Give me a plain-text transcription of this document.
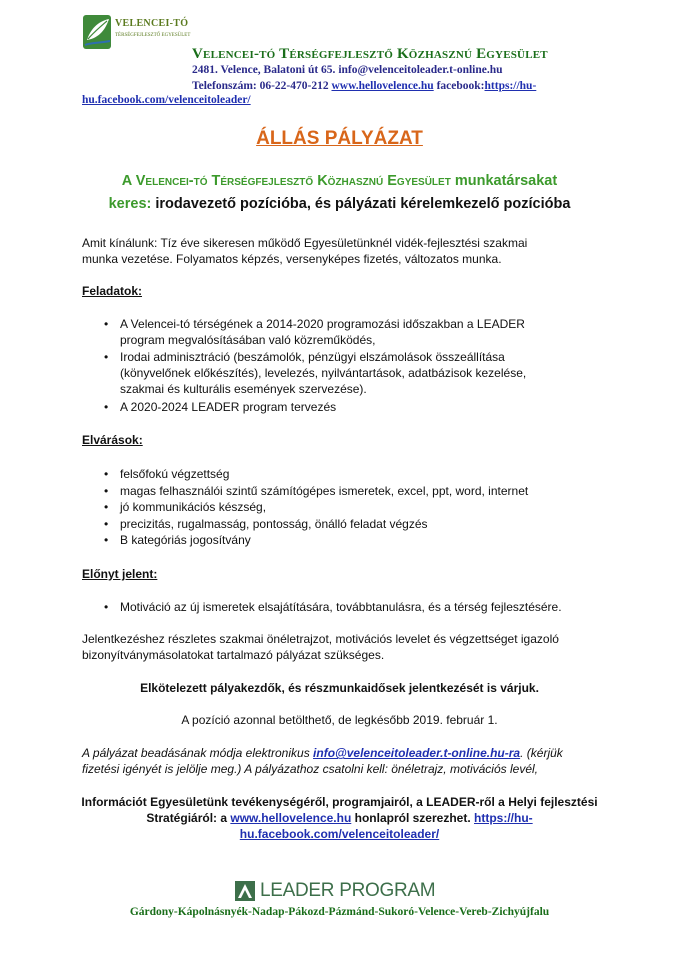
VELENCEI-TÓ
TÉRSÉGFEJLESZTŐ EGYESÜLET
Velencei-tó Térségfejlesztő Közhasznú Egyesület
2481. Velence, Balatoni út 65. info@velenceitoleader.t-online.hu
Telefonszám: 06-22-470-212 www.hellovelence.hu facebook:https://hu-
hu.facebook.com/velenceitoleader/
ÁLLÁS PÁLYÁZAT
A Velencei-tó Térségfejlesztő Közhasznú Egyesület munkatársakat
keres: irodavezető pozícióba, és pályázati kérelemkezelő pozícióba
Amit kínálunk: Tíz éve sikeresen működő Egyesületünknél vidék-fejlesztési szakmai munka vezetése. Folyamatos képzés, versenyképes fizetés, változatos munka.
Feladatok:
• A Velencei-tó térségének a 2014-2020 programozási időszakban a LEADER program megvalósításában való közreműködés,
• Irodai adminisztráció (beszámolók, pénzügyi elszámolások összeállítása (könyvelőnek előkészítés), levelezés, nyilvántartások, adatbázisok kezelése, szakmai és kulturális események szervezése).
• A 2020-2024 LEADER program tervezés
Elvárások:
• felsőfokú végzettség
• magas felhasználói szintű számítógépes ismeretek, excel, ppt, word, internet
• jó kommunikációs készség,
• precizitás, rugalmasság, pontosság, önálló feladat végzés
• B kategóriás jogosítvány
Előnyt jelent:
• Motiváció az új ismeretek elsajátítására, továbbtanulásra, és a térség fejlesztésére.
Jelentkezéshez részletes szakmai önéletrajzot, motivációs levelet és végzettséget igazoló bizonyítványmásolatokat tartalmazó pályázat szükséges.
Elkötelezett pályakezdők, és részmunkaidősek jelentkezését is várjuk.
A pozíció azonnal betölthető, de legkésőbb 2019. február 1.
A pályázat beadásának módja elektronikus info@velenceitoleader.t-online.hu-ra. (kérjük
fizetési igényét is jelölje meg.) A pályázathoz csatolni kell: önéletrajz, motivációs levél,
Információt Egyesületünk tevékenységéről, programjairól, a LEADER-ről a Helyi fejlesztési
Stratégiáról: a www.hellovelence.hu honlapról szerezhet. https://hu-
hu.facebook.com/velenceitoleader/
LEADER PROGRAM
Gárdony-Kápolnásnyék-Nadap-Pákozd-Pázmánd-Sukoró-Velence-Vereb-Zichyújfalu
